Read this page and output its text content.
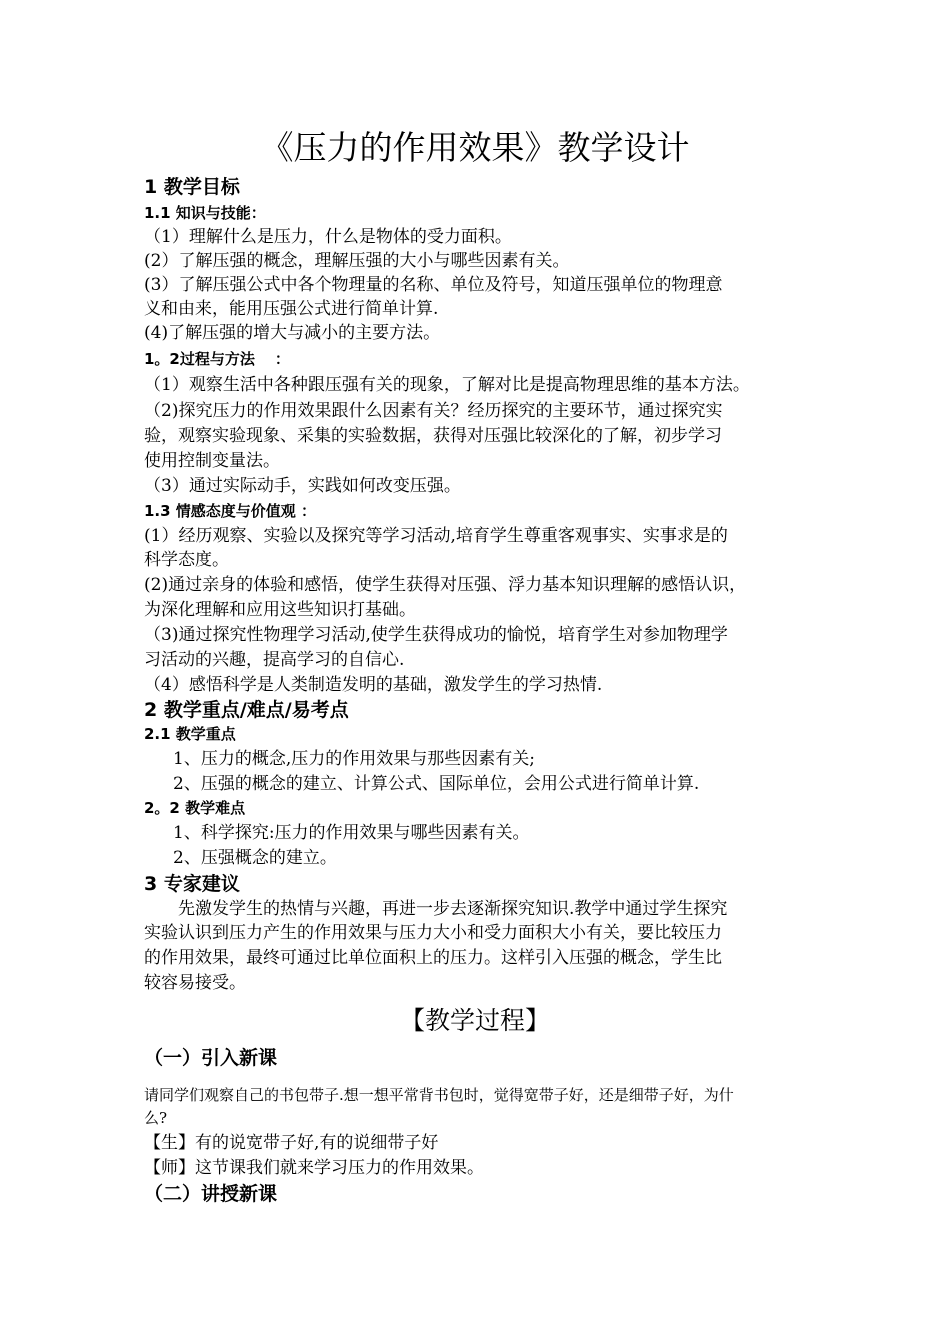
《压力的作用效果》教学设计
1 教学目标
1.1 知识与技能：
（1）理解什么是压力，什么是物体的受力面积。
(2）了解压强的概念，理解压强的大小与哪些因素有关。
(3）了解压强公式中各个物理量的名称、单位及符号，知道压强单位的物理意
义和由来，能用压强公式进行简单计算.
(4)了解压强的增大与减小的主要方法。
1。2过程与方法 ：
（1）观察生活中各种跟压强有关的现象，了解对比是提高物理思维的基本方法。
（2)探究压力的作用效果跟什么因素有关？经历探究的主要环节，通过探究实
验，观察实验现象、采集的实验数据，获得对压强比较深化的了解，初步学习
使用控制变量法。
（3）通过实际动手，实践如何改变压强。
1.3 情感态度与价值观 ：
(1）经历观察、实验以及探究等学习活动,培育学生尊重客观事实、实事求是的
科学态度。
(2)通过亲身的体验和感悟，使学生获得对压强、浮力基本知识理解的感悟认识，
为深化理解和应用这些知识打基础。
（3)通过探究性物理学习活动,使学生获得成功的愉悦，培育学生对参加物理学
习活动的兴趣，提高学习的自信心.
（4）感悟科学是人类制造发明的基础，激发学生的学习热情.
2 教学重点/难点/易考点
2.1 教学重点
1、压力的概念,压力的作用效果与那些因素有关;
2、压强的概念的建立、计算公式、国际单位，会用公式进行简单计算.
2。2 教学难点
1、科学探究:压力的作用效果与哪些因素有关。
2、压强概念的建立。
3 专家建议
先激发学生的热情与兴趣，再进一步去逐渐探究知识.教学中通过学生探究
实验认识到压力产生的作用效果与压力大小和受力面积大小有关，要比较压力
的作用效果，最终可通过比单位面积上的压力。这样引入压强的概念，学生比
较容易接受。
【教学过程】
（一）引入新课
请同学们观察自己的书包带子.想一想平常背书包时，觉得宽带子好，还是细带子好，为什
么?
【生】有的说宽带子好,有的说细带子好
【师】这节课我们就来学习压力的作用效果。
（二）讲授新课
